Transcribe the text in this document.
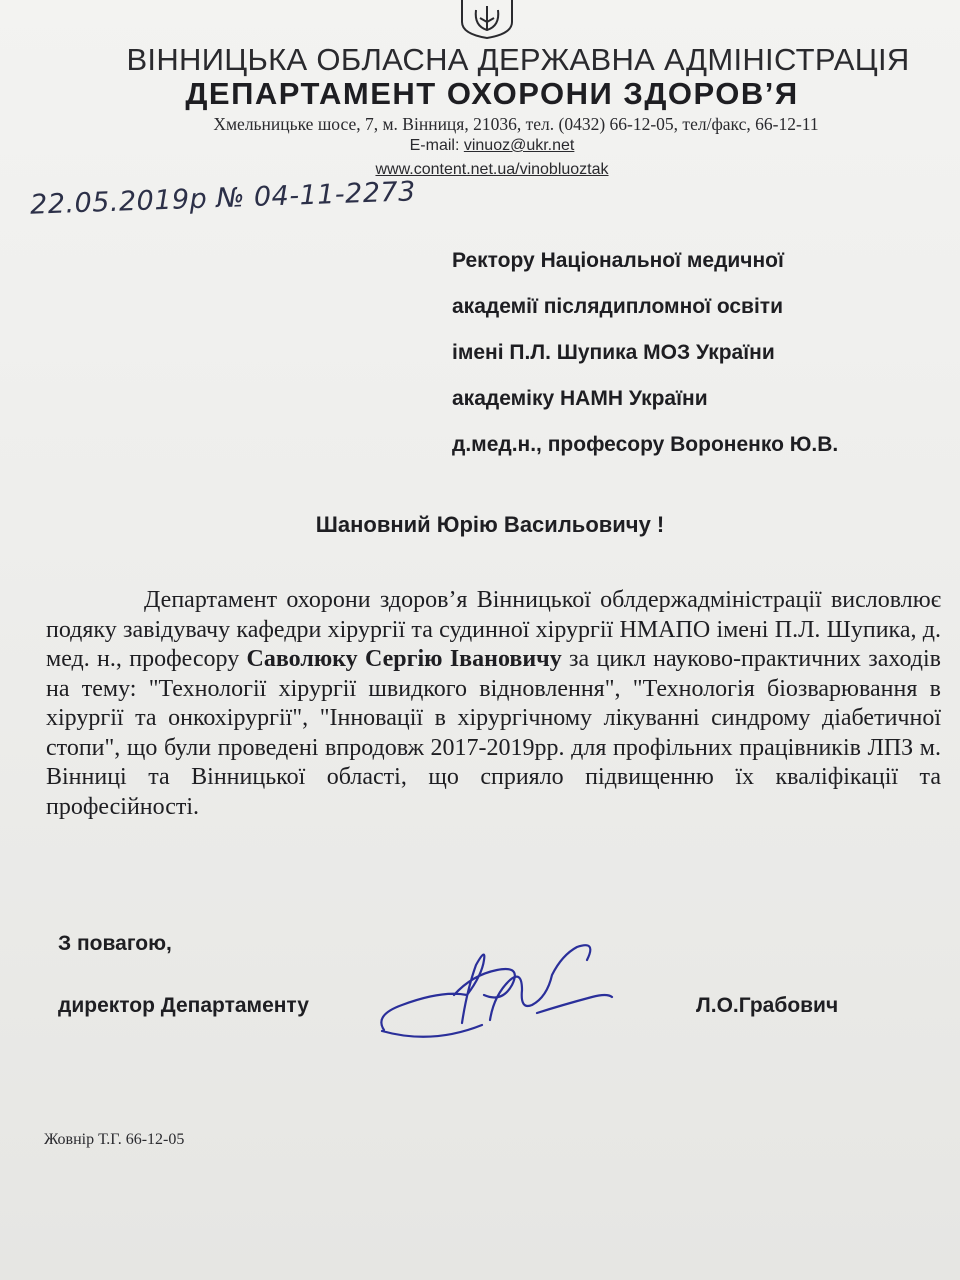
ВІННИЦЬКА ОБЛАСНА ДЕРЖАВНА АДМІНІСТРАЦІЯ
ДЕПАРТАМЕНТ ОХОРОНИ ЗДОРОВ’Я
Хмельницьке шосе, 7, м. Вінниця, 21036, тел. (0432) 66-12-05, тел/факс, 66-12-11
E-mail: vinuoz@ukr.net
www.content.net.ua/vinobluoztak
22.05.2019р № 04-11-2273
Ректору Національної медичної
академії післядипломної освіти
імені П.Л. Шупика МОЗ України
академіку НАМН України
д.мед.н., професору Вороненко Ю.В.
Шановний Юрію Васильовичу !
Департамент охорони здоров’я Вінницької облдержадміністрації висловлює подяку завідувачу кафедри хірургії та судинної хірургії НМАПО імені П.Л. Шупика, д. мед. н., професору Саволюку Сергію Івановичу за цикл науково-практичних заходів на тему: "Технології хірургії швидкого відновлення", "Технологія біозварювання в хірургії та онкохірургії", "Інновації в хірургічному лікуванні синдрому діабетичної стопи", що були проведені впродовж 2017-2019рр. для профільних працівників ЛПЗ м. Вінниці та Вінницької області, що сприяло підвищенню їх кваліфікації та професійності.
З повагою,
директор Департаменту	Л.О.Грабович
Жовнір Т.Г. 66-12-05
